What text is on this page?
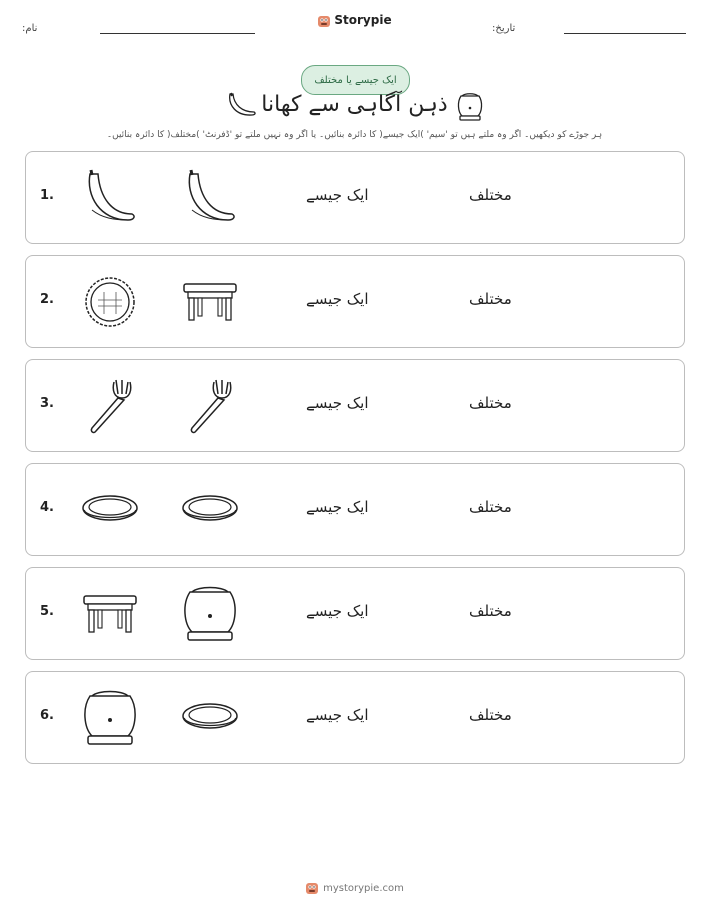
:نام
Storypie
:تاریخ
ایک جیسے یا مختلف
ذہن آگاہی سے کھانا
ہر جوڑے کو دیکھیں۔ اگر وہ ملتے ہیں تو 'سیم' )ایک جیسے( کا دائرہ بنائیں۔ یا اگر وہ نہیں ملتے تو 'ڈفرنٹ' )مختلف( کا دائرہ بنائیں۔
1.	ایک جیسے	مختلف
2.	ایک جیسے	مختلف
3.	ایک جیسے	مختلف
4.	ایک جیسے	مختلف
5.	ایک جیسے	مختلف
6.	ایک جیسے	مختلف
mystorypie.com
